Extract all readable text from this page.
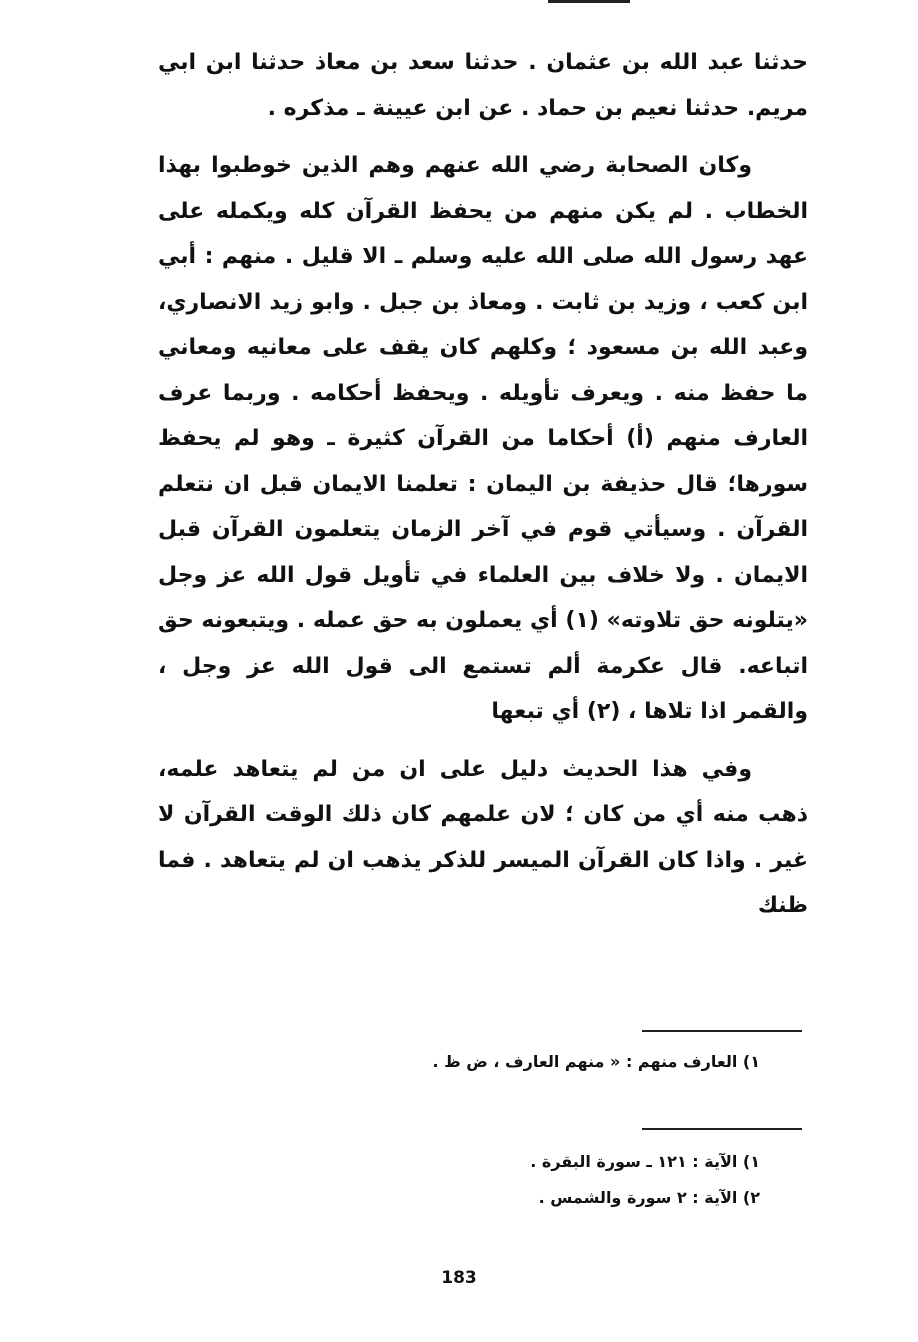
حدثنا عبد الله بن عثمان . حدثنا سعد بن معاذ حدثنا ابن ابي مريم. حدثنا نعيم بن حماد . عن ابن عيينة ـ مذكره .

وكان الصحابة رضي الله عنهم وهم الذين خوطبوا بهذا الخطاب . لم يكن منهم من يحفظ القرآن كله ويكمله على عهد رسول الله صلى الله عليه وسلم ـ الا قليل . منهم : أبي ابن كعب ، وزيد بن ثابت . ومعاذ بن جبل . وابو زيد الانصاري، وعبد الله بن مسعود ؛ وكلهم كان يقف على معانيه ومعاني ما حفظ منه . ويعرف تأويله . ويحفظ أحكامه . وربما عرف العارف منهم (أ) أحكاما من القرآن كثيرة ـ وهو لم يحفظ سورها؛ قال حذيفة بن اليمان : تعلمنا الايمان قبل ان نتعلم القرآن . وسيأتي قوم في آخر الزمان يتعلمون القرآن قبل الايمان . ولا خلاف بين العلماء في تأويل قول الله عز وجل «يتلونه حق تلاوته» (١) أي يعملون به حق عمله . ويتبعونه حق اتباعه. قال عكرمة ألم تستمع الى قول الله عز وجل ، والقمر اذا تلاها ، (٢) أي تبعها

وفي هذا الحديث دليل على ان من لم يتعاهد علمه، ذهب منه أي من كان ؛ لان علمهم كان ذلك الوقت القرآن لا غير . واذا كان القرآن الميسر للذكر يذهب ان لم يتعاهد . فما ظنك

١) العارف منهم : « منهم العارف ، ض ظ .
١) الآية : ١٢١ ـ سورة البقرة .
٢) الآية : ٢ سورة والشمس .
183
